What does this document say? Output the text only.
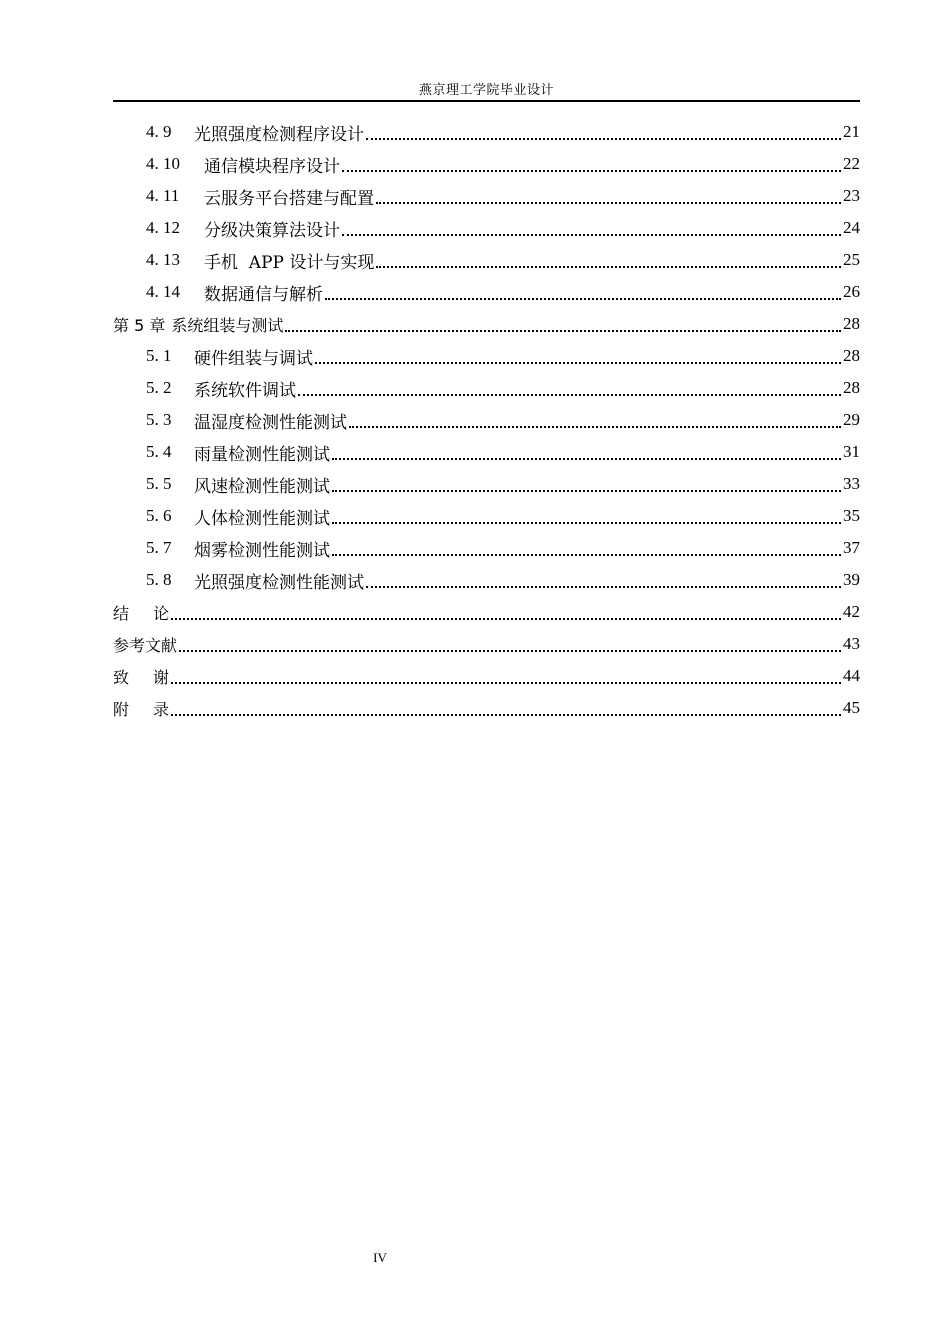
燕京理工学院毕业设计
4. 9	光照强度检测程序设计	21
4. 10	通信模块程序设计	22
4. 11	云服务平台搭建与配置	23
4. 12	分级决策算法设计	24
4. 13	手机  APP 设计与实现	25
4. 14	数据通信与解析	26
第 5 章 系统组装与测试	28
5. 1	硬件组装与调试	28
5. 2	系统软件调试	28
5. 3	温湿度检测性能测试	29
5. 4	雨量检测性能测试	31
5. 5	风速检测性能测试	33
5. 6	人体检测性能测试	35
5. 7	烟雾检测性能测试	37
5. 8	光照强度检测性能测试	39
结论	42
参考文献	43
致谢	44
附录	45
IV
